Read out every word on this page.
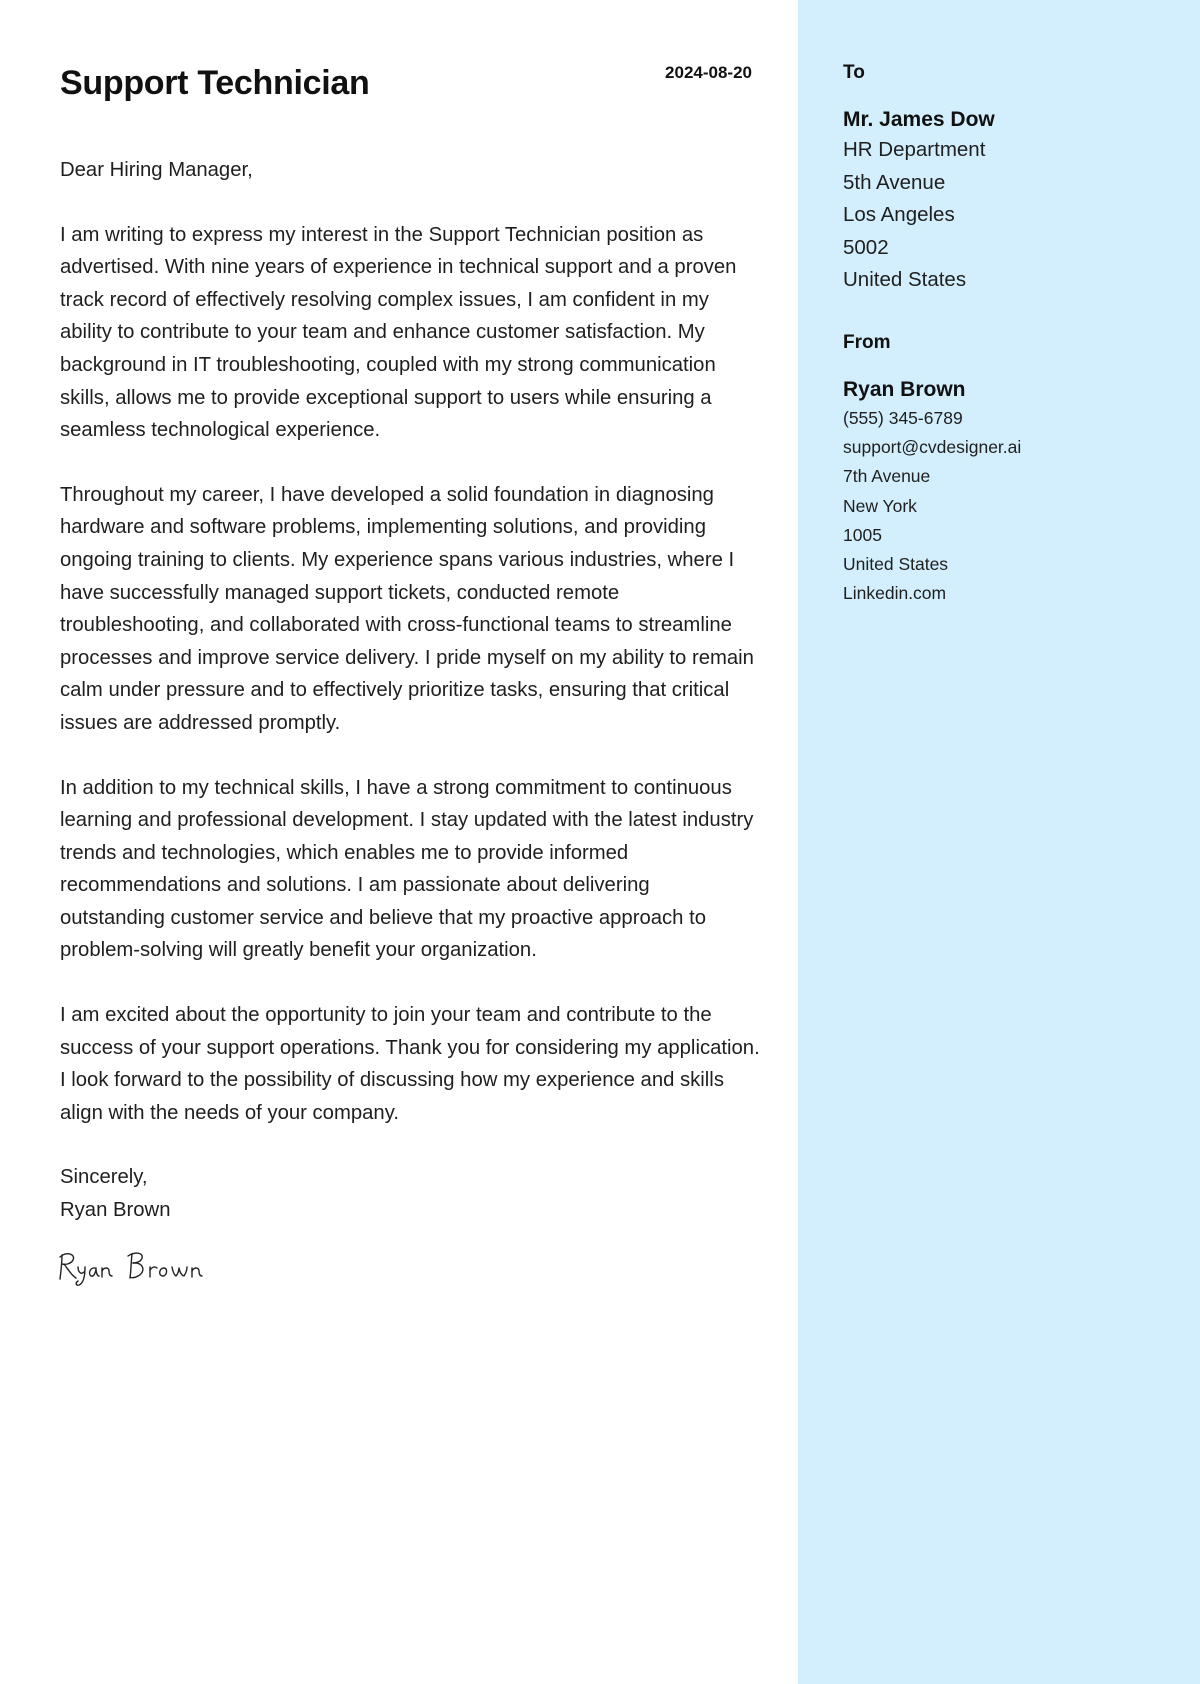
Support Technician	2024-08-20

Dear Hiring Manager,

I am writing to express my interest in the Support Technician position as advertised. With nine years of experience in technical support and a proven track record of effectively resolving complex issues, I am confident in my ability to contribute to your team and enhance customer satisfaction. My background in IT troubleshooting, coupled with my strong communication skills, allows me to provide exceptional support to users while ensuring a seamless technological experience.

Throughout my career, I have developed a solid foundation in diagnosing hardware and software problems, implementing solutions, and providing ongoing training to clients. My experience spans various industries, where I have successfully managed support tickets, conducted remote troubleshooting, and collaborated with cross-functional teams to streamline processes and improve service delivery. I pride myself on my ability to remain calm under pressure and to effectively prioritize tasks, ensuring that critical issues are addressed promptly.

In addition to my technical skills, I have a strong commitment to continuous learning and professional development. I stay updated with the latest industry trends and technologies, which enables me to provide informed recommendations and solutions. I am passionate about delivering outstanding customer service and believe that my proactive approach to problem-solving will greatly benefit your organization.

I am excited about the opportunity to join your team and contribute to the success of your support operations. Thank you for considering my application. I look forward to the possibility of discussing how my experience and skills align with the needs of your company.

Sincerely,

Ryan Brown

To
Mr. James Dow
HR Department
5th Avenue
Los Angeles
5002
United States
From
Ryan Brown
(555) 345-6789
support@cvdesigner.ai
7th Avenue
New York
1005
United States
Linkedin.com
